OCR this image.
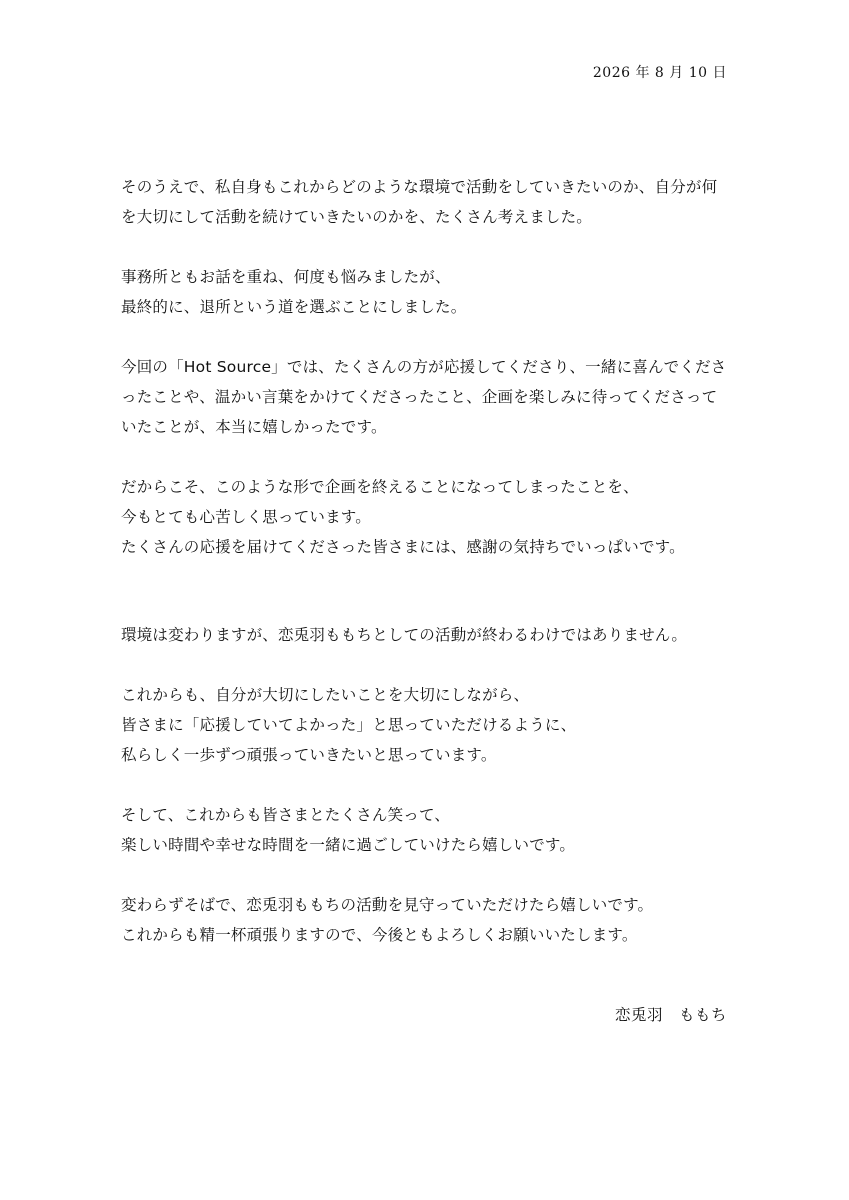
2026 年 8 月 10 日

そのうえで、私自身もこれからどのような環境で活動をしていきたいのか、自分が何
を大切にして活動を続けていきたいのかを、たくさん考えました。

事務所ともお話を重ね、何度も悩みましたが、
最終的に、退所という道を選ぶことにしました。

今回の「Hot Source」では、たくさんの方が応援してくださり、一緒に喜んでくださ
ったことや、温かい言葉をかけてくださったこと、企画を楽しみに待ってくださって
いたことが、本当に嬉しかったです。

だからこそ、このような形で企画を終えることになってしまったことを、
今もとても心苦しく思っています。
たくさんの応援を届けてくださった皆さまには、感謝の気持ちでいっぱいです。

環境は変わりますが、恋兎羽ももちとしての活動が終わるわけではありません。

これからも、自分が大切にしたいことを大切にしながら、
皆さまに「応援していてよかった」と思っていただけるように、
私らしく一歩ずつ頑張っていきたいと思っています。

そして、これからも皆さまとたくさん笑って、
楽しい時間や幸せな時間を一緒に過ごしていけたら嬉しいです。

変わらずそばで、恋兎羽ももちの活動を見守っていただけたら嬉しいです。
これからも精一杯頑張りますので、今後ともよろしくお願いいたします。

恋兎羽　ももち
